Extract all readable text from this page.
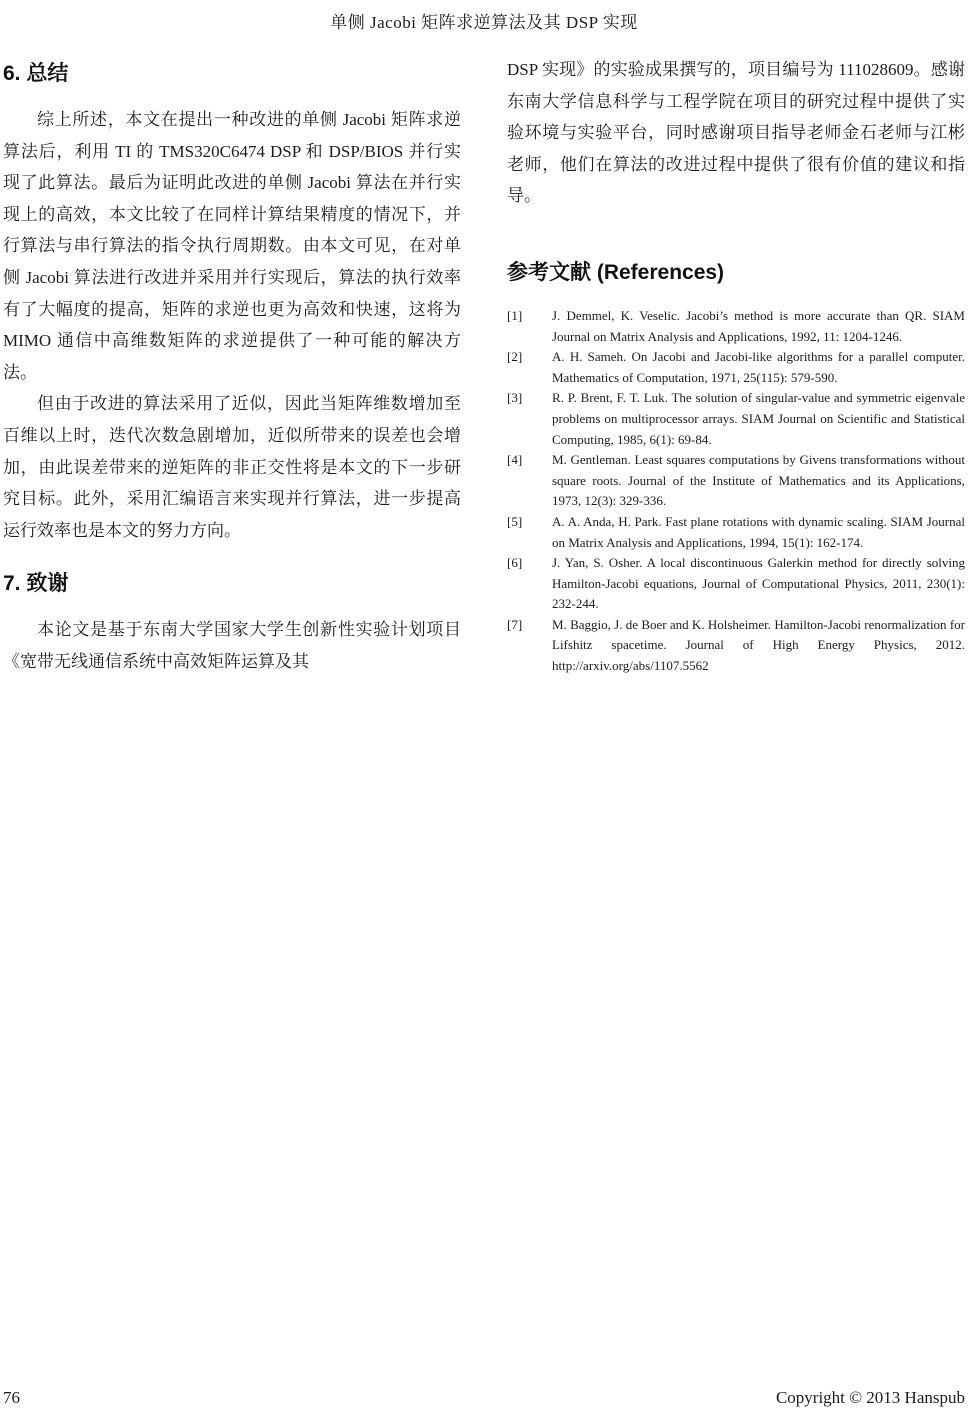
单侧 Jacobi 矩阵求逆算法及其 DSP 实现
6. 总结

综上所述，本文在提出一种改进的单侧 Jacobi 矩阵求逆算法后，利用 TI 的 TMS320C6474 DSP 和 DSP/BIOS 并行实现了此算法。最后为证明此改进的单侧 Jacobi 算法在并行实现上的高效，本文比较了在同样计算结果精度的情况下，并行算法与串行算法的指令执行周期数。由本文可见，在对单侧 Jacobi 算法进行改进并采用并行实现后，算法的执行效率有了大幅度的提高，矩阵的求逆也更为高效和快速，这将为 MIMO 通信中高维数矩阵的求逆提供了一种可能的解决方法。

但由于改进的算法采用了近似，因此当矩阵维数增加至百维以上时，迭代次数急剧增加，近似所带来的误差也会增加，由此误差带来的逆矩阵的非正交性将是本文的下一步研究目标。此外，采用汇编语言来实现并行算法，进一步提高运行效率也是本文的努力方向。

7. 致谢

本论文是基于东南大学国家大学生创新性实验计划项目《宽带无线通信系统中高效矩阵运算及其

DSP 实现》的实验成果撰写的，项目编号为 111028609。感谢东南大学信息科学与工程学院在项目的研究过程中提供了实验环境与实验平台，同时感谢项目指导老师金石老师与江彬老师，他们在算法的改进过程中提供了很有价值的建议和指导。

参考文献 (References)
[1]	J. Demmel, K. Veselic. Jacobi’s method is more accurate than QR. SIAM Journal on Matrix Analysis and Applications, 1992, 11: 1204-1246.
[2]	A. H. Sameh. On Jacobi and Jacobi-like algorithms for a parallel computer. Mathematics of Computation, 1971, 25(115): 579-590.
[3]	R. P. Brent, F. T. Luk. The solution of singular-value and symmetric eigenvale problems on multiprocessor arrays. SIAM Journal on Scientific and Statistical Computing, 1985, 6(1): 69-84.
[4]	M. Gentleman. Least squares computations by Givens transformations without square roots. Journal of the Institute of Mathematics and its Applications, 1973, 12(3): 329-336.
[5]	A. A. Anda, H. Park. Fast plane rotations with dynamic scaling. SIAM Journal on Matrix Analysis and Applications, 1994, 15(1): 162-174.
[6]	J. Yan, S. Osher. A local discontinuous Galerkin method for directly solving Hamilton-Jacobi equations, Journal of Computational Physics, 2011, 230(1): 232-244.
[7]	M. Baggio, J. de Boer and K. Holsheimer. Hamilton-Jacobi renormalization for Lifshitz spacetime. Journal of High Energy Physics, 2012. http://arxiv.org/abs/1107.5562
76	Copyright © 2013 Hanspub
